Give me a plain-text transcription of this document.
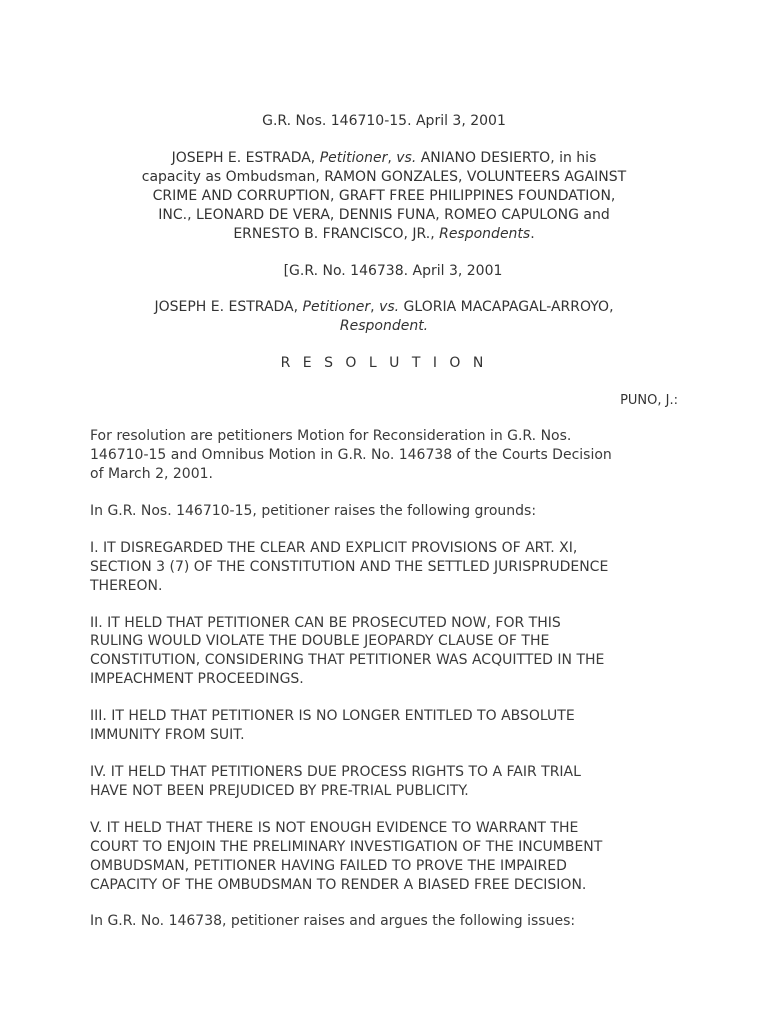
G.R. Nos. 146710-15. April 3, 2001
JOSEPH E. ESTRADA, Petitioner, vs. ANIANO DESIERTO, in his
capacity as Ombudsman, RAMON GONZALES, VOLUNTEERS AGAINST
CRIME AND CORRUPTION, GRAFT FREE PHILIPPINES FOUNDATION,
INC., LEONARD DE VERA, DENNIS FUNA, ROMEO CAPULONG and
ERNESTO B. FRANCISCO, JR., Respondents.
[G.R. No. 146738. April 3, 2001
JOSEPH E. ESTRADA, Petitioner, vs. GLORIA MACAPAGAL-ARROYO,
Respondent.
R E S O L U T I O N
PUNO, J.:
For resolution are petitioners Motion for Reconsideration in G.R. Nos.
146710-15 and Omnibus Motion in G.R. No. 146738 of the Courts Decision
of March 2, 2001.
In G.R. Nos. 146710-15, petitioner raises the following grounds:
I. IT DISREGARDED THE CLEAR AND EXPLICIT PROVISIONS OF ART. XI,
SECTION 3 (7) OF THE CONSTITUTION AND THE SETTLED JURISPRUDENCE
THEREON.
II. IT HELD THAT PETITIONER CAN BE PROSECUTED NOW, FOR THIS
RULING WOULD VIOLATE THE DOUBLE JEOPARDY CLAUSE OF THE
CONSTITUTION, CONSIDERING THAT PETITIONER WAS ACQUITTED IN THE
IMPEACHMENT PROCEEDINGS.
III. IT HELD THAT PETITIONER IS NO LONGER ENTITLED TO ABSOLUTE
IMMUNITY FROM SUIT.
IV. IT HELD THAT PETITIONERS DUE PROCESS RIGHTS TO A FAIR TRIAL
HAVE NOT BEEN PREJUDICED BY PRE-TRIAL PUBLICITY.
V. IT HELD THAT THERE IS NOT ENOUGH EVIDENCE TO WARRANT THE
COURT TO ENJOIN THE PRELIMINARY INVESTIGATION OF THE INCUMBENT
OMBUDSMAN, PETITIONER HAVING FAILED TO PROVE THE IMPAIRED
CAPACITY OF THE OMBUDSMAN TO RENDER A BIASED FREE DECISION.
In G.R. No. 146738, petitioner raises and argues the following issues:
